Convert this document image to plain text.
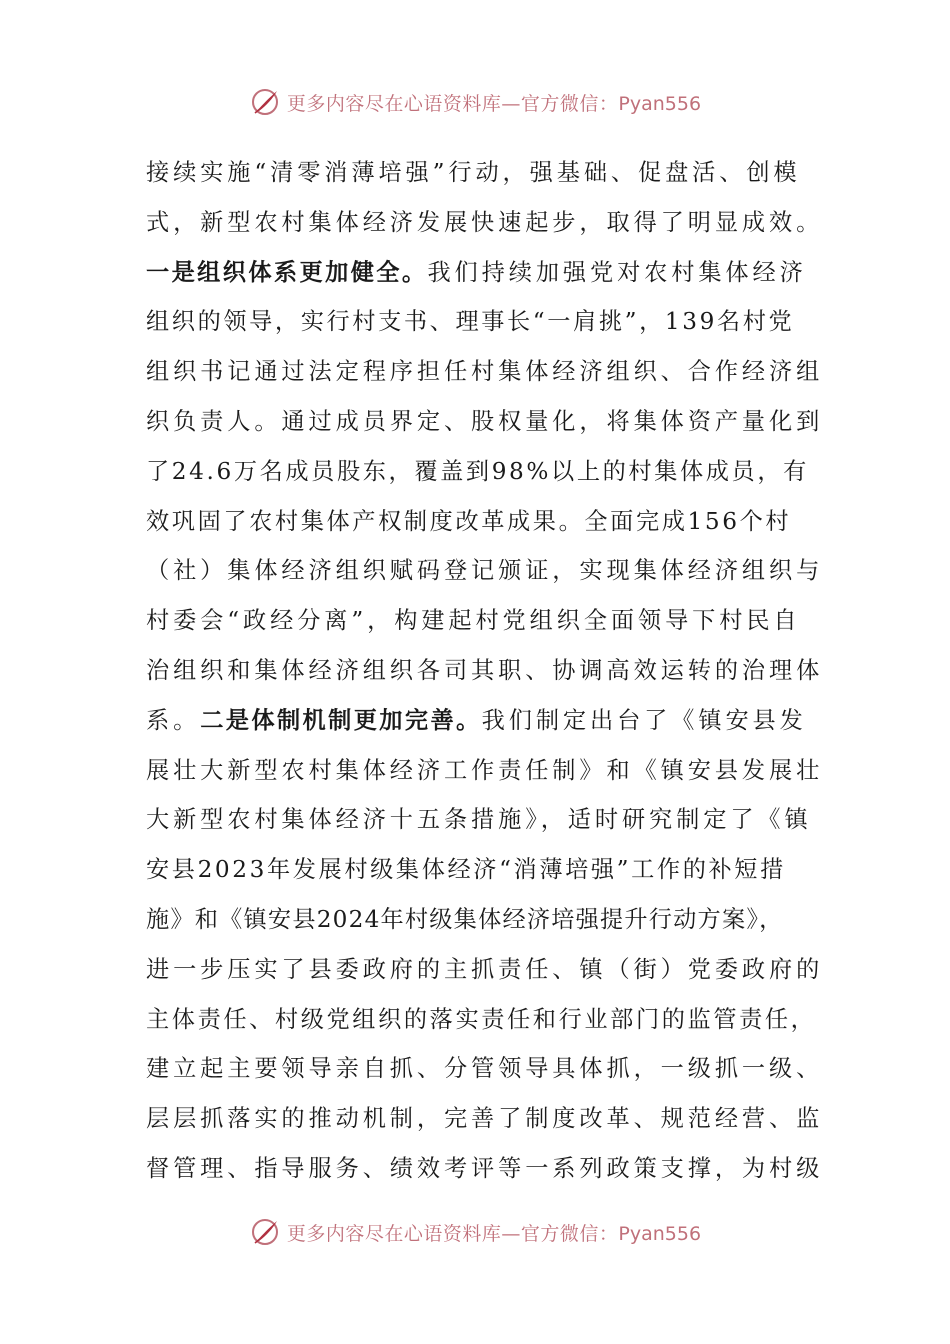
更多内容尽在心语资料库—官方微信：Pyan556
接续实施“清零消薄培强”行动，强基础、促盘活、创模
式，新型农村集体经济发展快速起步，取得了明显成效。
一是组织体系更加健全。我们持续加强党对农村集体经济
组织的领导，实行村支书、理事长“一肩挑”，139名村党
组织书记通过法定程序担任村集体经济组织、合作经济组
织负责人。通过成员界定、股权量化，将集体资产量化到
了24.6万名成员股东，覆盖到98%以上的村集体成员，有
效巩固了农村集体产权制度改革成果。全面完成156个村
（社）集体经济组织赋码登记颁证，实现集体经济组织与
村委会“政经分离”，构建起村党组织全面领导下村民自
治组织和集体经济组织各司其职、协调高效运转的治理体
系。二是体制机制更加完善。我们制定出台了《镇安县发
展壮大新型农村集体经济工作责任制》和《镇安县发展壮
大新型农村集体经济十五条措施》，适时研究制定了《镇
安县2023年发展村级集体经济“消薄培强”工作的补短措
施》和《镇安县2024年村级集体经济培强提升行动方案》，
进一步压实了县委政府的主抓责任、镇（街）党委政府的
主体责任、村级党组织的落实责任和行业部门的监管责任，
建立起主要领导亲自抓、分管领导具体抓，一级抓一级、
层层抓落实的推动机制，完善了制度改革、规范经营、监
督管理、指导服务、绩效考评等一系列政策支撑，为村级
更多内容尽在心语资料库—官方微信：Pyan556
